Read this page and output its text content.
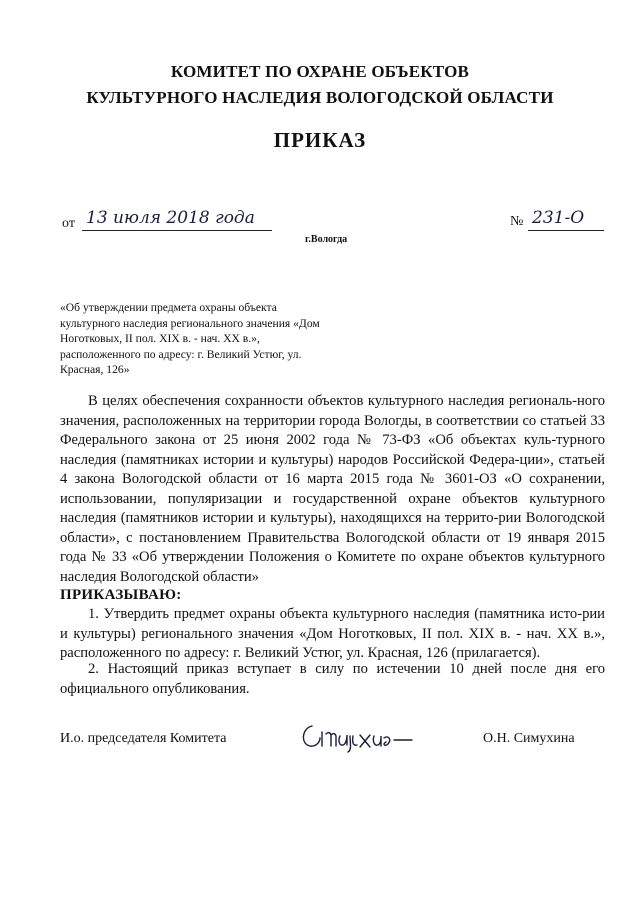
КОМИТЕТ ПО ОХРАНЕ ОБЪЕКТОВ
КУЛЬТУРНОГО НАСЛЕДИЯ ВОЛОГОДСКОЙ ОБЛАСТИ
ПРИКАЗ
от 13 июля 2018 года
г.Вологда
№ 231-О
«Об утверждении предмета охраны объекта культурного наследия регионального значения «Дом Ноготковых, II пол. XIX в. - нач. XX в.», расположенного по адресу: г. Великий Устюг, ул. Красная, 126»
В целях обеспечения сохранности объектов культурного наследия региональ-ного значения, расположенных на территории города Вологды, в соответствии со статьей 33 Федерального закона от 25 июня 2002 года № 73-ФЗ «Об объектах куль-турного наследия (памятниках истории и культуры) народов Российской Федера-ции», статьей 4 закона Вологодской области от 16 марта 2015 года № 3601-ОЗ «О сохранении, использовании, популяризации и государственной охране объектов культурного наследия (памятников истории и культуры), находящихся на террито-рии Вологодской области», с постановлением Правительства Вологодской области от 19 января 2015 года № 33 «Об утверждении Положения о Комитете по охране объектов культурного наследия Вологодской области»
ПРИКАЗЫВАЮ:
1. Утвердить предмет охраны объекта культурного наследия (памятника исто-рии и культуры) регионального значения «Дом Ноготковых, II пол. XIX в. - нач. XX в.», расположенного по адресу: г. Великий Устюг, ул. Красная, 126 (прилагается).
2. Настоящий приказ вступает в силу по истечении 10 дней после дня его официального опубликования.
И.о. председателя Комитета	О.Н. Симухина
